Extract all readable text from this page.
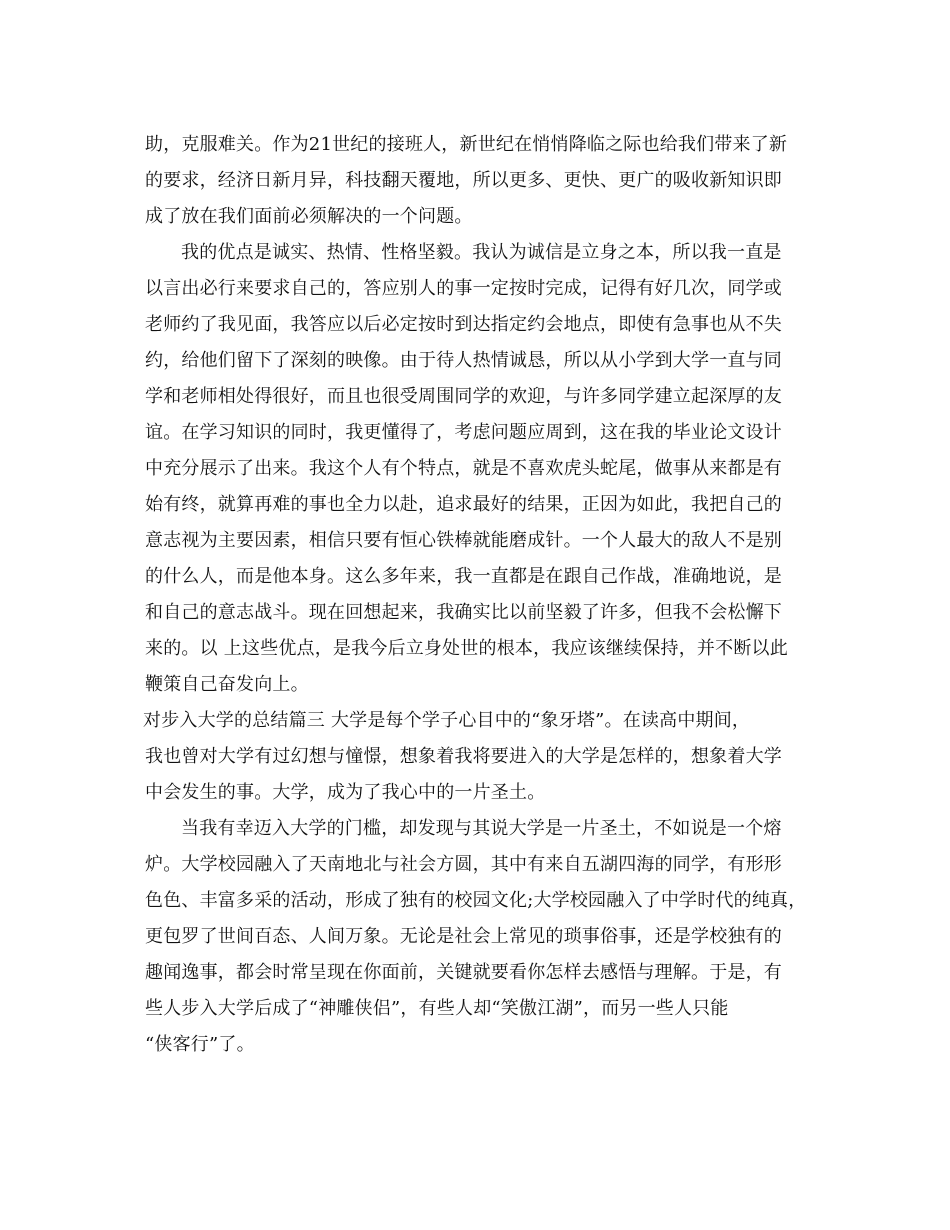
助，克服难关。作为21世纪的接班人，新世纪在悄悄降临之际也给我们带来了新
的要求，经济日新月异，科技翻天覆地，所以更多、更快、更广的吸收新知识即
成了放在我们面前必须解决的一个问题。
我的优点是诚实、热情、性格坚毅。我认为诚信是立身之本，所以我一直是
以言出必行来要求自己的，答应别人的事一定按时完成，记得有好几次，同学或
老师约了我见面，我答应以后必定按时到达指定约会地点，即使有急事也从不失
约，给他们留下了深刻的映像。由于待人热情诚恳，所以从小学到大学一直与同
学和老师相处得很好，而且也很受周围同学的欢迎，与许多同学建立起深厚的友
谊。在学习知识的同时，我更懂得了，考虑问题应周到，这在我的毕业论文设计
中充分展示了出来。我这个人有个特点，就是不喜欢虎头蛇尾，做事从来都是有
始有终，就算再难的事也全力以赴，追求最好的结果，正因为如此，我把自己的
意志视为主要因素，相信只要有恒心铁棒就能磨成针。一个人最大的敌人不是别
的什么人，而是他本身。这么多年来，我一直都是在跟自己作战，准确地说，是
和自己的意志战斗。现在回想起来，我确实比以前坚毅了许多，但我不会松懈下
来的。以 上这些优点，是我今后立身处世的根本，我应该继续保持，并不断以此
鞭策自己奋发向上。
对步入大学的总结篇三 大学是每个学子心目中的“象牙塔”。在读高中期间，
我也曾对大学有过幻想与憧憬，想象着我将要进入的大学是怎样的，想象着大学
中会发生的事。大学，成为了我心中的一片圣土。
当我有幸迈入大学的门槛，却发现与其说大学是一片圣土，不如说是一个熔
炉。大学校园融入了天南地北与社会方圆，其中有来自五湖四海的同学，有形形
色色、丰富多采的活动，形成了独有的校园文化;大学校园融入了中学时代的纯真，
更包罗了世间百态、人间万象。无论是社会上常见的琐事俗事，还是学校独有的
趣闻逸事，都会时常呈现在你面前，关键就要看你怎样去感悟与理解。于是，有
些人步入大学后成了“神雕侠侣”，有些人却“笑傲江湖”，而另一些人只能
“侠客行”了。
